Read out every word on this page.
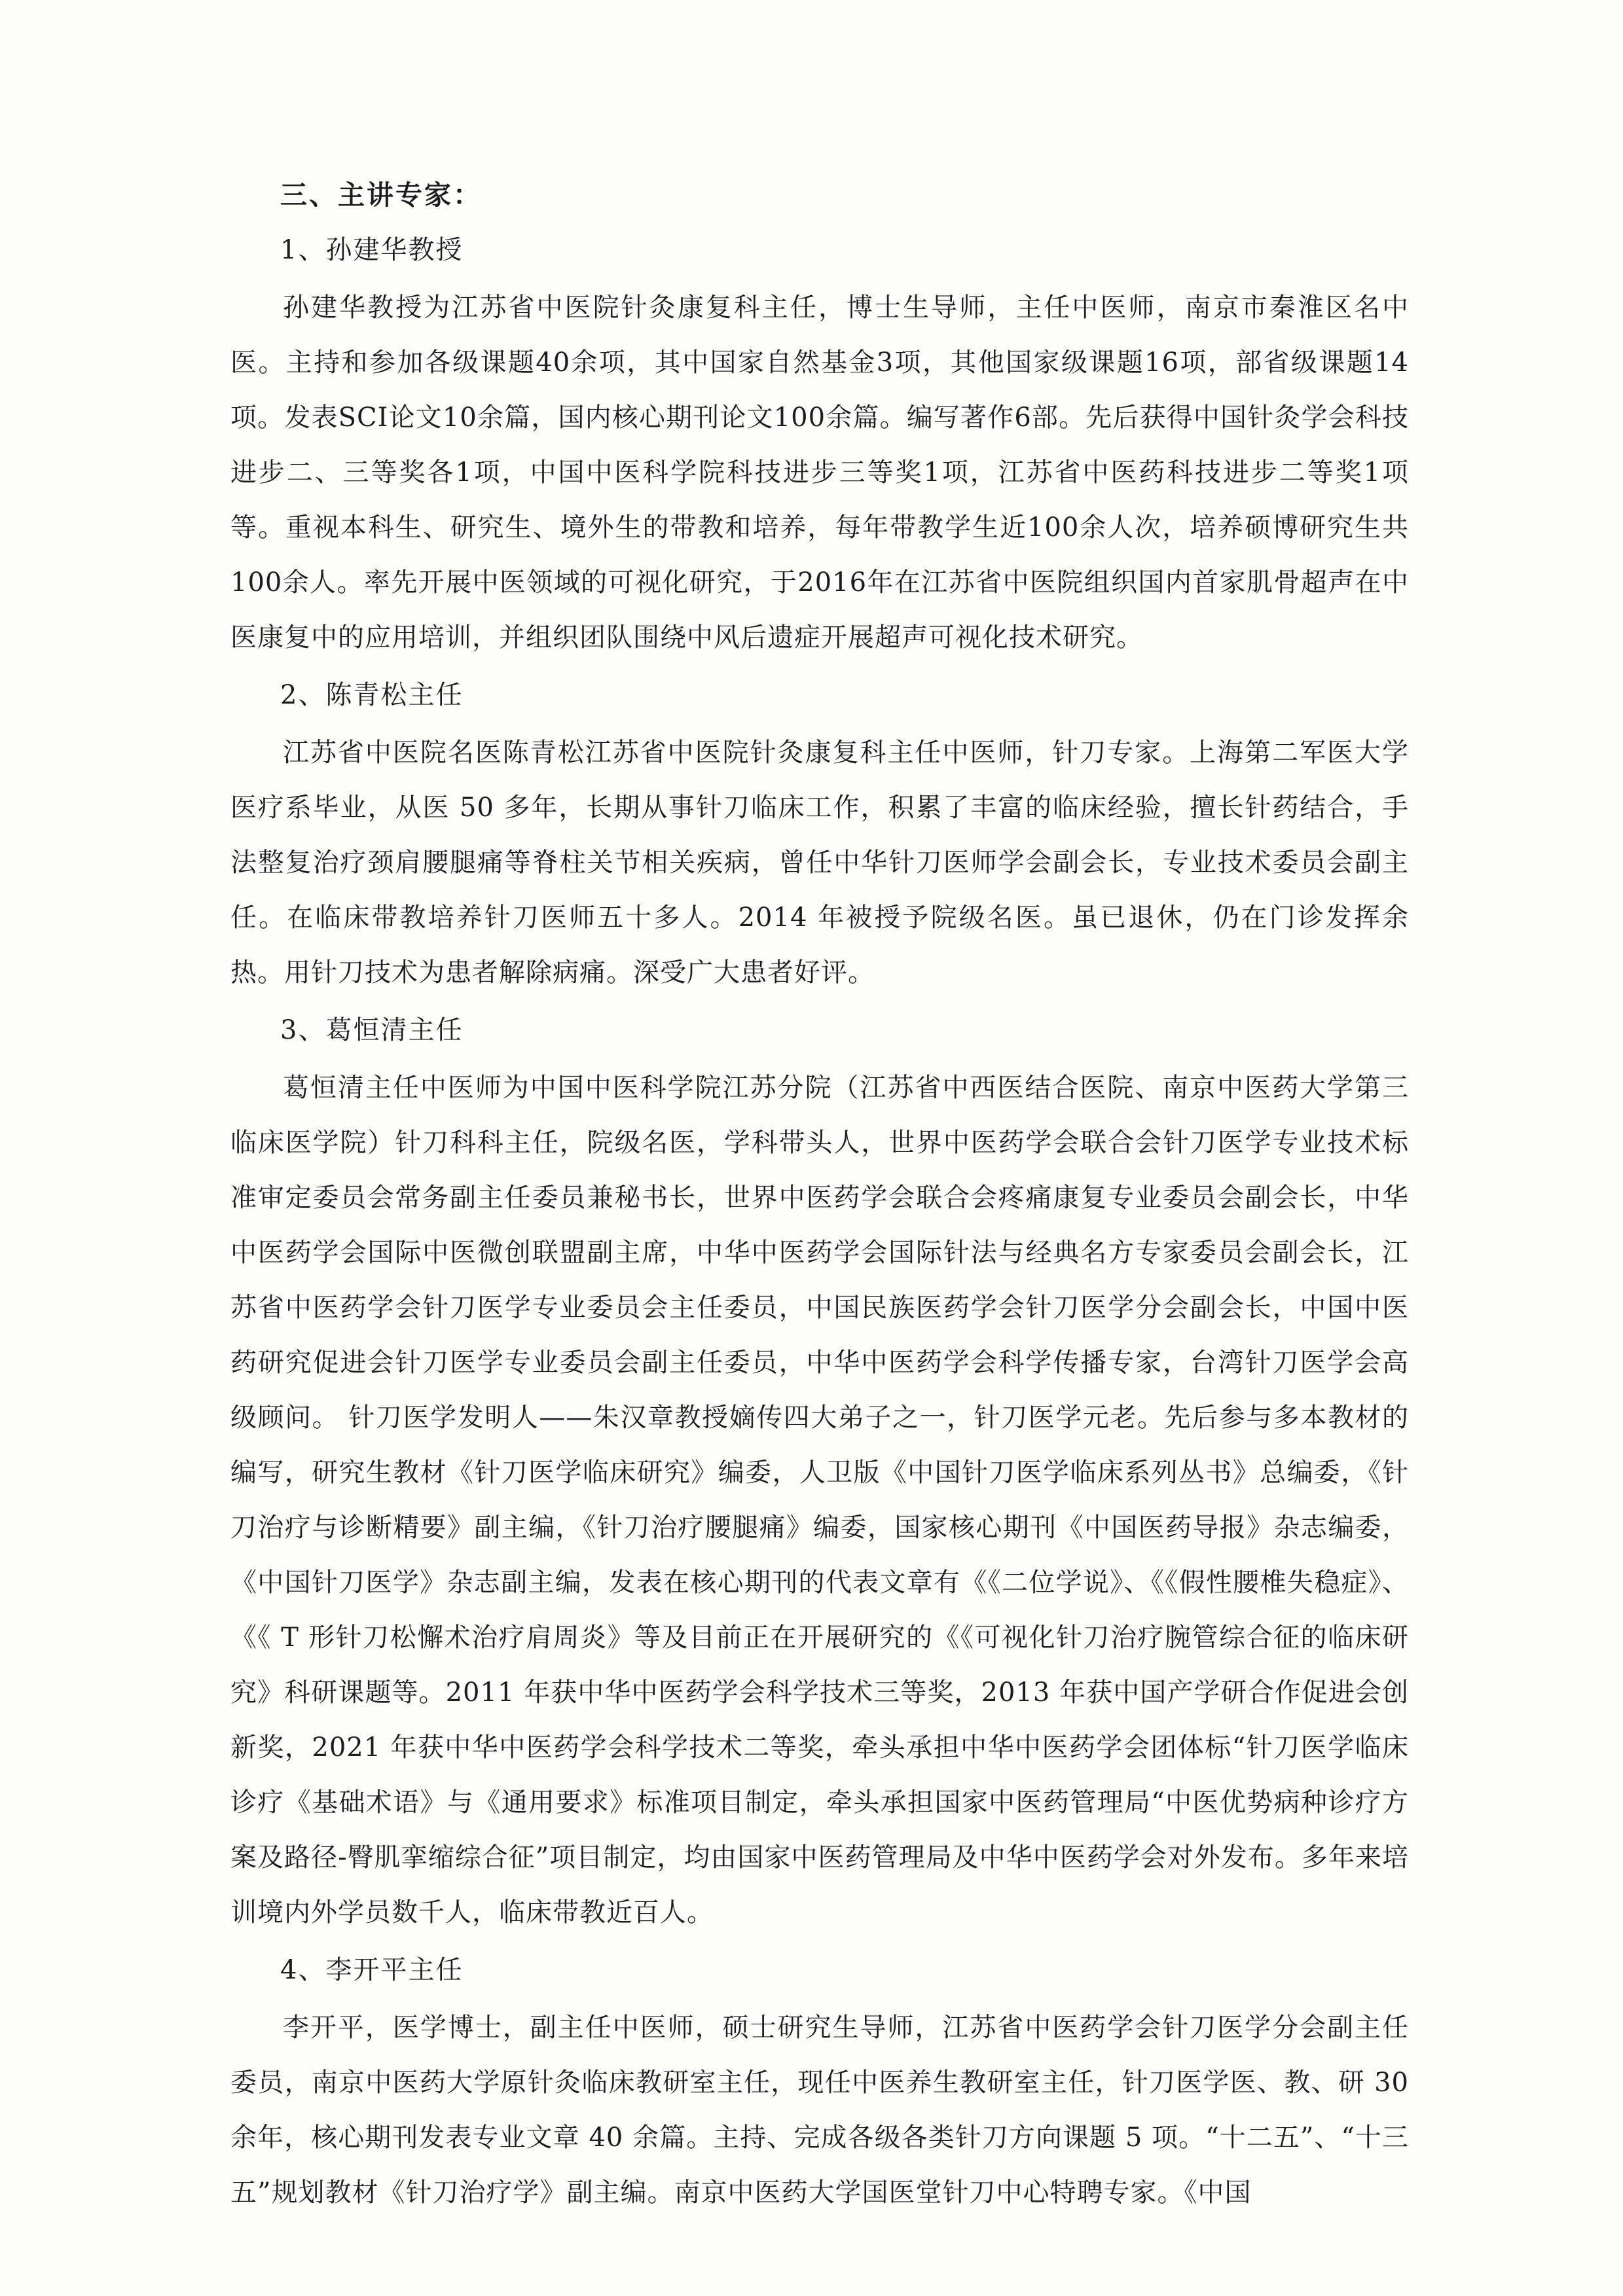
三、主讲专家：
1、孙建华教授

孙建华教授为江苏省中医院针灸康复科主任，博士生导师，主任中医师，南京市秦淮区名中医。主持和参加各级课题40余项，其中国家自然基金3项，其他国家级课题16项，部省级课题14项。发表SCI论文10余篇，国内核心期刊论文100余篇。编写著作6部。先后获得中国针灸学会科技进步二、三等奖各1项，中国中医科学院科技进步三等奖1项，江苏省中医药科技进步二等奖1项等。重视本科生、研究生、境外生的带教和培养，每年带教学生近100余人次，培养硕博研究生共100余人。率先开展中医领域的可视化研究，于2016年在江苏省中医院组织国内首家肌骨超声在中医康复中的应用培训，并组织团队围绕中风后遗症开展超声可视化技术研究。

2、陈青松主任

江苏省中医院名医陈青松江苏省中医院针灸康复科主任中医师，针刀专家。上海第二军医大学医疗系毕业，从医 50 多年，长期从事针刀临床工作，积累了丰富的临床经验，擅长针药结合，手法整复治疗颈肩腰腿痛等脊柱关节相关疾病，曾任中华针刀医师学会副会长，专业技术委员会副主任。在临床带教培养针刀医师五十多人。2014 年被授予院级名医。虽已退休，仍在门诊发挥余热。用针刀技术为患者解除病痛。深受广大患者好评。

3、葛恒清主任

葛恒清主任中医师为中国中医科学院江苏分院（江苏省中西医结合医院、南京中医药大学第三临床医学院）针刀科科主任，院级名医，学科带头人，世界中医药学会联合会针刀医学专业技术标准审定委员会常务副主任委员兼秘书长，世界中医药学会联合会疼痛康复专业委员会副会长，中华中医药学会国际中医微创联盟副主席，中华中医药学会国际针法与经典名方专家委员会副会长，江苏省中医药学会针刀医学专业委员会主任委员，中国民族医药学会针刀医学分会副会长，中国中医药研究促进会针刀医学专业委员会副主任委员，中华中医药学会科学传播专家，台湾针刀医学会高级顾问。 针刀医学发明人——朱汉章教授嫡传四大弟子之一，针刀医学元老。先后参与多本教材的编写，研究生教材《针刀医学临床研究》编委，人卫版《中国针刀医学临床系列丛书》总编委，《针刀治疗与诊断精要》副主编，《针刀治疗腰腿痛》编委，国家核心期刊《中国医药导报》杂志编委，《中国针刀医学》杂志副主编，发表在核心期刊的代表文章有《《二位学说》、《《假性腰椎失稳症》、《《 T 形针刀松懈术治疗肩周炎》等及目前正在开展研究的《《可视化针刀治疗腕管综合征的临床研究》科研课题等。2011 年获中华中医药学会科学技术三等奖，2013 年获中国产学研合作促进会创新奖，2021 年获中华中医药学会科学技术二等奖，牵头承担中华中医药学会团体标“针刀医学临床诊疗《基础术语》与《通用要求》标准项目制定，牵头承担国家中医药管理局“中医优势病种诊疗方案及路径-臀肌挛缩综合征”项目制定，均由国家中医药管理局及中华中医药学会对外发布。多年来培训境内外学员数千人，临床带教近百人。

4、李开平主任

李开平，医学博士，副主任中医师，硕士研究生导师，江苏省中医药学会针刀医学分会副主任委员，南京中医药大学原针灸临床教研室主任，现任中医养生教研室主任，针刀医学医、教、研 30 余年，核心期刊发表专业文章 40 余篇。主持、完成各级各类针刀方向课题 5 项。“十二五”、“十三五”规划教材《针刀治疗学》副主编。南京中医药大学国医堂针刀中心特聘专家。《中国
